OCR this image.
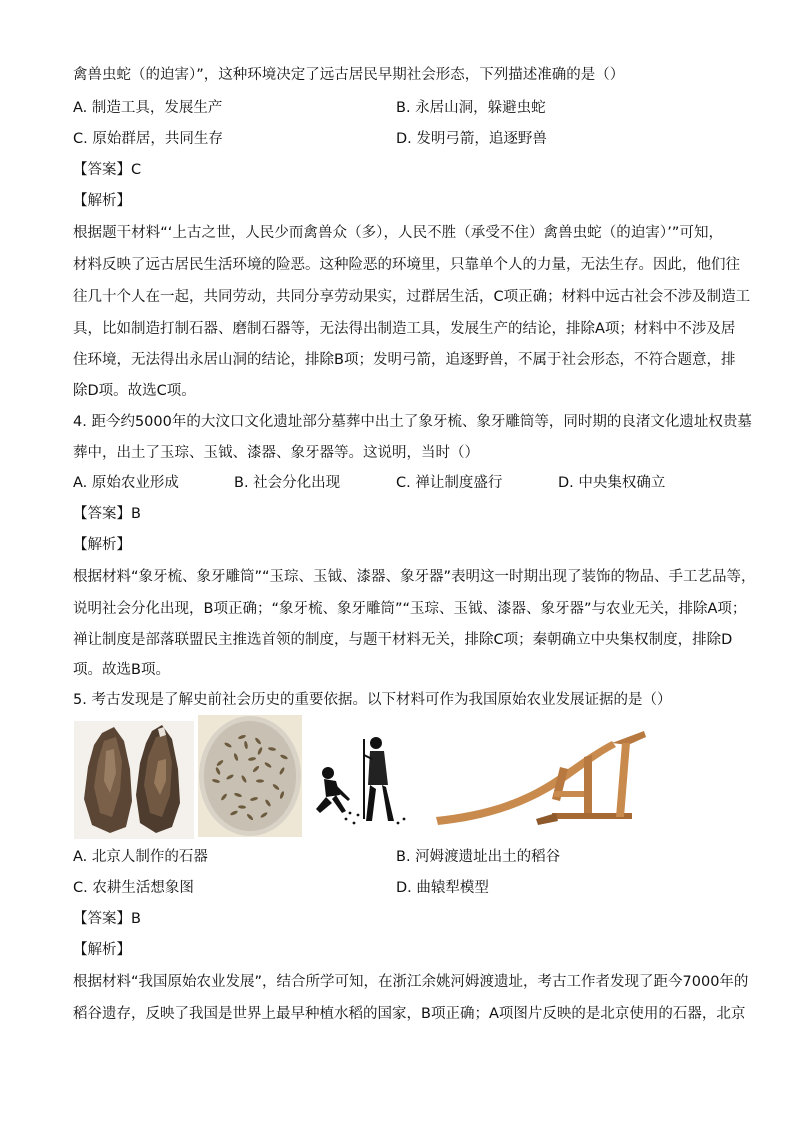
禽兽虫蛇（的迫害）”，这种环境决定了远古居民早期社会形态，下列描述准确的是（）
A. 制造工具，发展生产	B. 永居山洞，躲避虫蛇
C. 原始群居，共同生存	D. 发明弓箭，追逐野兽
【答案】C
【解析】
根据题干材料“‘上古之世，人民少而禽兽众（多），人民不胜（承受不住）禽兽虫蛇（的迫害）’”可知，
材料反映了远古居民生活环境的险恶。这种险恶的环境里，只靠单个人的力量，无法生存。因此，他们往
往几十个人在一起，共同劳动，共同分享劳动果实，过群居生活，C项正确；材料中远古社会不涉及制造工
具，比如制造打制石器、磨制石器等，无法得出制造工具，发展生产的结论，排除A项；材料中不涉及居
住环境，无法得出永居山洞的结论，排除B项；发明弓箭，追逐野兽，不属于社会形态，不符合题意，排
除D项。故选C项。
4. 距今约5000年的大汶口文化遗址部分墓葬中出土了象牙梳、象牙雕筒等，同时期的良渚文化遗址权贵墓
葬中，出土了玉琮、玉钺、漆器、象牙器等。这说明，当时（）
A. 原始农业形成	B. 社会分化出现	C. 禅让制度盛行	D. 中央集权确立
【答案】B
【解析】
根据材料“象牙梳、象牙雕筒”“玉琮、玉钺、漆器、象牙器”表明这一时期出现了装饰的物品、手工艺品等，
说明社会分化出现，B项正确；“象牙梳、象牙雕筒”“玉琮、玉钺、漆器、象牙器”与农业无关，排除A项；
禅让制度是部落联盟民主推选首领的制度，与题干材料无关，排除C项；秦朝确立中央集权制度，排除D
项。故选B项。
5. 考古发现是了解史前社会历史的重要依据。以下材料可作为我国原始农业发展证据的是（）
A. 北京人制作的石器	B. 河姆渡遗址出土的稻谷
C. 农耕生活想象图	D. 曲辕犁模型
【答案】B
【解析】
根据材料“我国原始农业发展”，结合所学可知，在浙江余姚河姆渡遗址，考古工作者发现了距今7000年的
稻谷遗存，反映了我国是世界上最早种植水稻的国家，B项正确；A项图片反映的是北京使用的石器，北京
